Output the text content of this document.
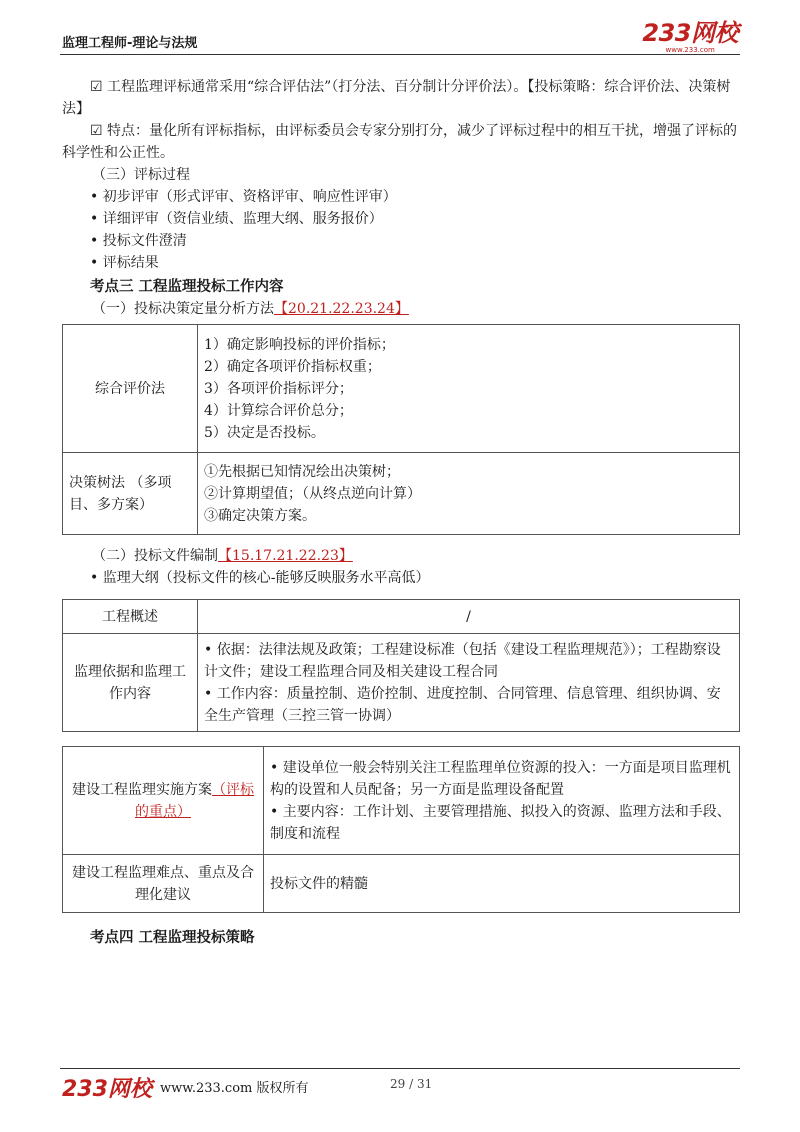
监理工程师-理论与法规	233网校
www.233.com

☑ 工程监理评标通常采用“综合评估法”（打分法、百分制计分评价法）。【投标策略：综合评价法、决策树法】

☑ 特点：量化所有评标指标，由评标委员会专家分别打分，减少了评标过程中的相互干扰，增强了评标的科学性和公正性。

（三）评标过程

• 初步评审（形式评审、资格评审、响应性评审）

• 详细评审（资信业绩、监理大纲、服务报价）

• 投标文件澄清

• 评标结果

考点三 工程监理投标工作内容

（一）投标决策定量分析方法【20.21.22.23.24】

综合评价法	1）确定影响投标的评价指标；
2）确定各项评价指标权重；
3）各项评价指标评分；
4）计算综合评价总分；
5）决定是否投标。

决策树法 （多项目、多方案）	①先根据已知情况绘出决策树；
②计算期望值；（从终点逆向计算）
③确定决策方案。

（二）投标文件编制【15.17.21.22.23】

• 监理大纲（投标文件的核心-能够反映服务水平高低）

工程概述	/
监理依据和监理工作内容	• 依据：法律法规及政策；工程建设标准（包括《建设工程监理规范》）；工程勘察设计文件；建设工程监理合同及相关建设工程合同
• 工作内容：质量控制、造价控制、进度控制、合同管理、信息管理、组织协调、安全生产管理（三控三管一协调）
建设工程监理实施方案（评标的重点）	• 建设单位一般会特别关注工程监理单位资源的投入：一方面是项目监理机构的设置和人员配备；另一方面是监理设备配置
• 主要内容：工作计划、主要管理措施、拟投入的资源、监理方法和手段、制度和流程

建设工程监理难点、重点及合理化建议	投标文件的精髓

考点四 工程监理投标策略

233网校 www.233.com 版权所有	29 / 31
